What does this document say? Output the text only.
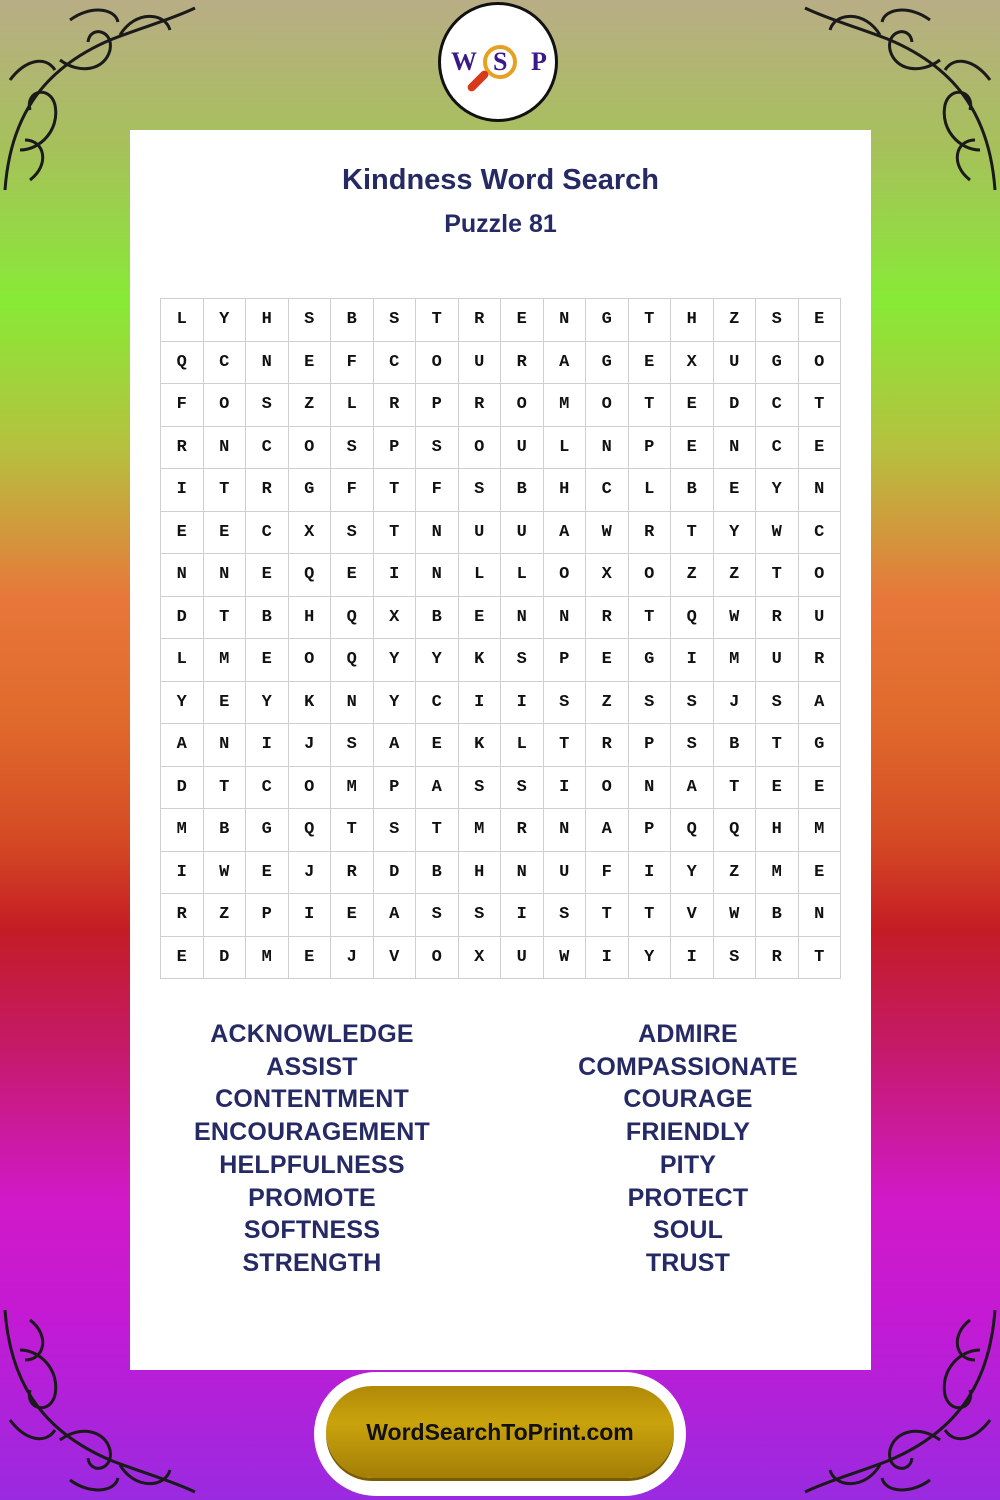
W S P
Kindness Word Search
Puzzle 81
L	Y	H	S	B	S	T	R	E	N	G	T	H	Z	S	E
Q	C	N	E	F	C	O	U	R	A	G	E	X	U	G	O
F	O	S	Z	L	R	P	R	O	M	O	T	E	D	C	T
R	N	C	O	S	P	S	O	U	L	N	P	E	N	C	E
I	T	R	G	F	T	F	S	B	H	C	L	B	E	Y	N
E	E	C	X	S	T	N	U	U	A	W	R	T	Y	W	C
N	N	E	Q	E	I	N	L	L	O	X	O	Z	Z	T	O
D	T	B	H	Q	X	B	E	N	N	R	T	Q	W	R	U
L	M	E	O	Q	Y	Y	K	S	P	E	G	I	M	U	R
Y	E	Y	K	N	Y	C	I	I	S	Z	S	S	J	S	A
A	N	I	J	S	A	E	K	L	T	R	P	S	B	T	G
D	T	C	O	M	P	A	S	S	I	O	N	A	T	E	E
M	B	G	Q	T	S	T	M	R	N	A	P	Q	Q	H	M
I	W	E	J	R	D	B	H	N	U	F	I	Y	Z	M	E
R	Z	P	I	E	A	S	S	I	S	T	T	V	W	B	N
E	D	M	E	J	V	O	X	U	W	I	Y	I	S	R	T
ACKNOWLEDGE
ASSIST
CONTENTMENT
ENCOURAGEMENT
HELPFULNESS
PROMOTE
SOFTNESS
STRENGTH
ADMIRE
COMPASSIONATE
COURAGE
FRIENDLY
PITY
PROTECT
SOUL
TRUST
WordSearchToPrint.com
